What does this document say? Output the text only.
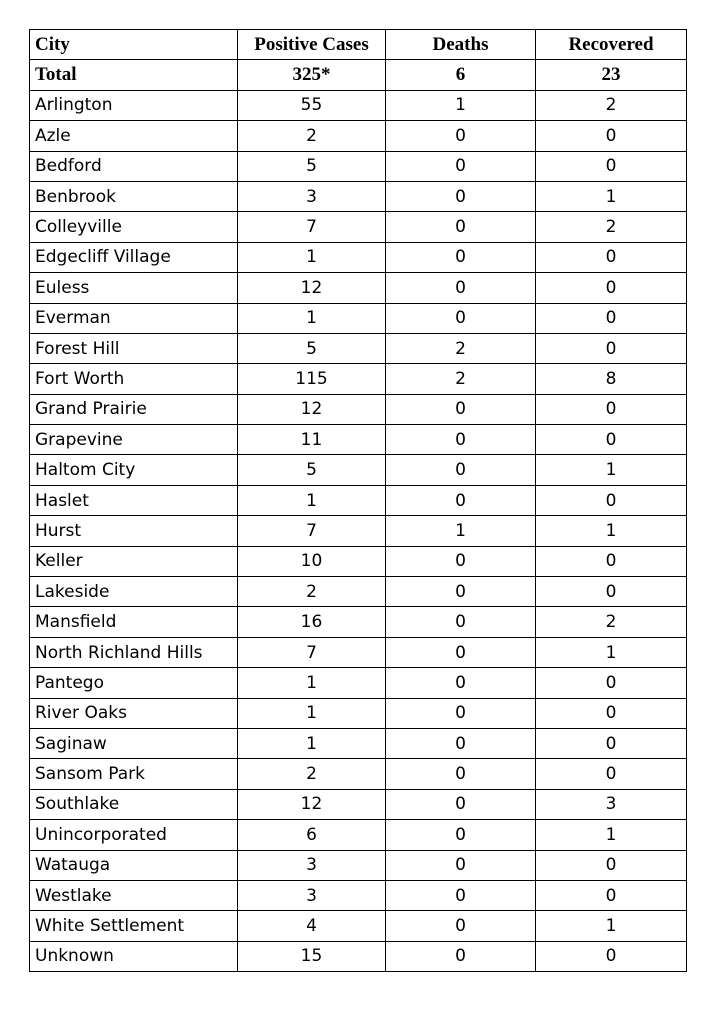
City	Positive Cases	Deaths	Recovered
Total	325*	6	23
Arlington	55	1	2
Azle	2	0	0
Bedford	5	0	0
Benbrook	3	0	1
Colleyville	7	0	2
Edgecliff Village	1	0	0
Euless	12	0	0
Everman	1	0	0
Forest Hill	5	2	0
Fort Worth	115	2	8
Grand Prairie	12	0	0
Grapevine	11	0	0
Haltom City	5	0	1
Haslet	1	0	0
Hurst	7	1	1
Keller	10	0	0
Lakeside	2	0	0
Mansfield	16	0	2
North Richland Hills	7	0	1
Pantego	1	0	0
River Oaks	1	0	0
Saginaw	1	0	0
Sansom Park	2	0	0
Southlake	12	0	3
Unincorporated	6	0	1
Watauga	3	0	0
Westlake	3	0	0
White Settlement	4	0	1
Unknown	15	0	0
